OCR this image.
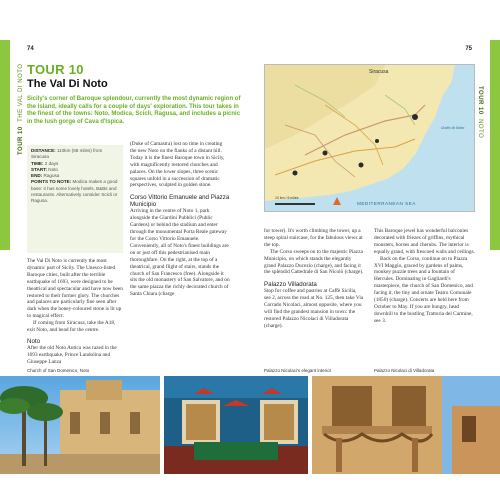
74	75
TOUR 10  THE VAL DI NOTO	TOUR 10  NOTO
TOUR 10
The Val Di Noto
Sicily's corner of Baroque splendour, currently the most dynamic region of the island, ideally calls for a couple of days' exploration. This tour takes in the finest of the towns: Noto, Modica, Scicli, Ragusa, and includes a picnic in the lush gorge of Cava d'Ispica.
DISTANCE: 110km (68 miles) from Siracusa
TIME: 2 days
START: Noto
END: Ragusa
POINTS TO NOTE: Modica makes a good base: it has some lovely hotels, B&Bs and restaurants. Alternatively consider Scicli or Ragusa.

The Val Di Noto is currently the most dynamic part of Sicily. The Unesco-listed Baroque cities, built after the terrible earthquake of 1693, were designed to be theatrical and spectacular and have now been restored to their former glory. The churches and palaces are particularly fine seen after dark when the honey-coloured stone is lit up to magical effect.

If coming from Siracusa, take the A18, exit Noto, and head for the centre.

Noto

After the old Noto Antica was razed in the 1693 earthquake, Prince Landolina and Giuseppe Lanza

(Duke of Camastra) lost no time in creating the new Noto on the flanks of a distant hill. Today it is the finest Baroque town in Sicily, with magnificently restored churches and palaces. On the lower slopes, three scenic squares unfold in a succession of dramatic perspectives, sculpted in golden stone.

Corso Vittorio Emanuele and Piazza Municipio

Arriving in the centre of Noto 1, park alongside the Giardini Pubblici (Public Gardens) or behind the stadium and enter through the monumental Porta Reale gateway for the Corso Vittorio Emanuele. Conveniently, all of Noto's finest buildings are on or just off this pedestrianised main thoroughfare. On the right, at the top of a theatrical, grand flight of stairs, stands the church of San Francesco (free). Alongside it sits the old monastery of San Salvatore, and on the same piazza the richly decorated church of Santa Chiara (charge

Siracusa
MEDITERRANEAN SEA
10 km / 6 miles
Golfo di Noto

for tower). It's worth climbing the tower, up a steep spiral staircase, for the fabulous views at the top.

The Corso sweeps on to the majestic Piazza Municipio, on which stands the elegantly grand Palazzo Ducezio (charge), and facing it the splendid Cattedrale di San Nicolò (charge).

Palazzo Villadorata

Stop for coffee and pastries at Caffè Sicilia, see 2, across the road at No. 125, then take Via Corrado Nicolaci, almost opposite, where you will find the grandest mansion in town: the restored Palazzo Nicolaci di Villadorata (charge).

This Baroque jewel has wonderful balconies decorated with friezes of griffins, mythical monsters, horses and cherubs. The interior is equally grand, with frescoed walls and ceilings.

Back on the Corso, continue on to Piazza XVI Maggio, graced by gardens of palms, monkey puzzle trees and a fountain of Hercules. Dominating in Gagliardi's masterpiece, the church of San Domenico, and facing it, the tiny and ornate Teatro Comunale (1850) (charge). Concerts are held here from October to May. If you are hungry, head downhill to the bustling Trattoria del Carmine, see 3.

Church of San Domenico, Noto	Palazzo Nicolaci's elegant interior	Palazzo Nicolaci di Villadorata
